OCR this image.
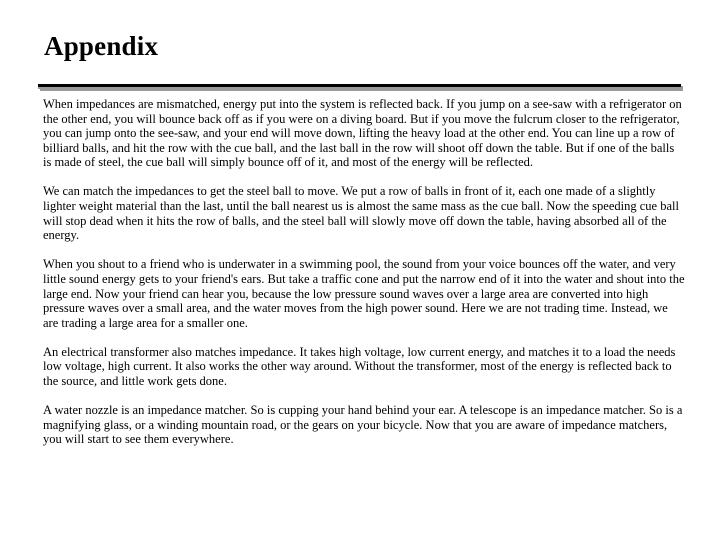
Appendix

When impedances are mismatched, energy put into the system is reflected back. If you jump on a see-saw with a refrigerator on the other end, you will bounce back off as if you were on a diving board. But if you move the fulcrum closer to the refrigerator, you can jump onto the see-saw, and your end will move down, lifting the heavy load at the other end. You can line up a row of billiard balls, and hit the row with the cue ball, and the last ball in the row will shoot off down the table. But if one of the balls is made of steel, the cue ball will simply bounce off of it, and most of the energy will be reflected.

We can match the impedances to get the steel ball to move. We put a row of balls in front of it, each one made of a slightly lighter weight material than the last, until the ball nearest us is almost the same mass as the cue ball. Now the speeding cue ball will stop dead when it hits the row of balls, and the steel ball will slowly move off down the table, having absorbed all of the energy.

When you shout to a friend who is underwater in a swimming pool, the sound from your voice bounces off the water, and very little sound energy gets to your friend's ears. But take a traffic cone and put the narrow end of it into the water and shout into the large end. Now your friend can hear you, because the low pressure sound waves over a large area are converted into high pressure waves over a small area, and the water moves from the high power sound. Here we are not trading time. Instead, we are trading a large area for a smaller one.

An electrical transformer also matches impedance. It takes high voltage, low current energy, and matches it to a load the needs low voltage, high current. It also works the other way around. Without the transformer, most of the energy is reflected back to the source, and little work gets done.

A water nozzle is an impedance matcher. So is cupping your hand behind your ear. A telescope is an impedance matcher. So is a magnifying glass, or a winding mountain road, or the gears on your bicycle. Now that you are aware of impedance matchers, you will start to see them everywhere.
